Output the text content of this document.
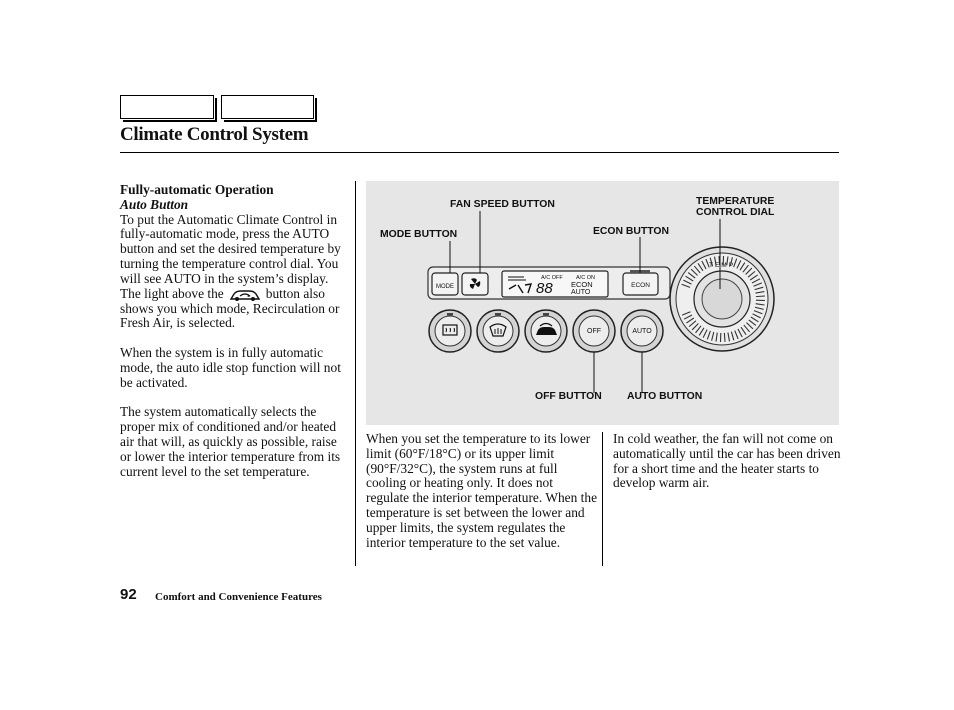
Climate Control System

Fully-automatic Operation

Auto Button

To put the Automatic Climate Control in fully-automatic mode, press the AUTO button and set the desired temperature by turning the temperature control dial. You will see AUTO in the system’s display. The light above the	button also shows you which mode, Recirculation or Fresh Air, is selected.

When the system is in fully automatic mode, the auto idle stop function will not be activated.

The system automatically selects the proper mix of conditioned and/or heated air that will, as quickly as possible, raise or lower the interior temperature from its current level to the set temperature.

MODE
A/C OFF A/C ON
88 ECON
AUTO
ECON
OFF	AUTO
TEMP
FAN SPEED BUTTON
MODE BUTTON	ECON BUTTON
TEMPERATURE
CONTROL DIAL
OFF BUTTON AUTO BUTTON

When you set the temperature to its lower limit (60°F/18°C) or its upper limit (90°F/32°C), the system runs at full cooling or heating only. It does not regulate the interior temperature. When the temperature is set between the lower and upper limits, the system regulates the interior temperature to the set value.

In cold weather, the fan will not come on automatically until the car has been driven for a short time and the heater starts to develop warm air.

92 Comfort and Convenience Features
